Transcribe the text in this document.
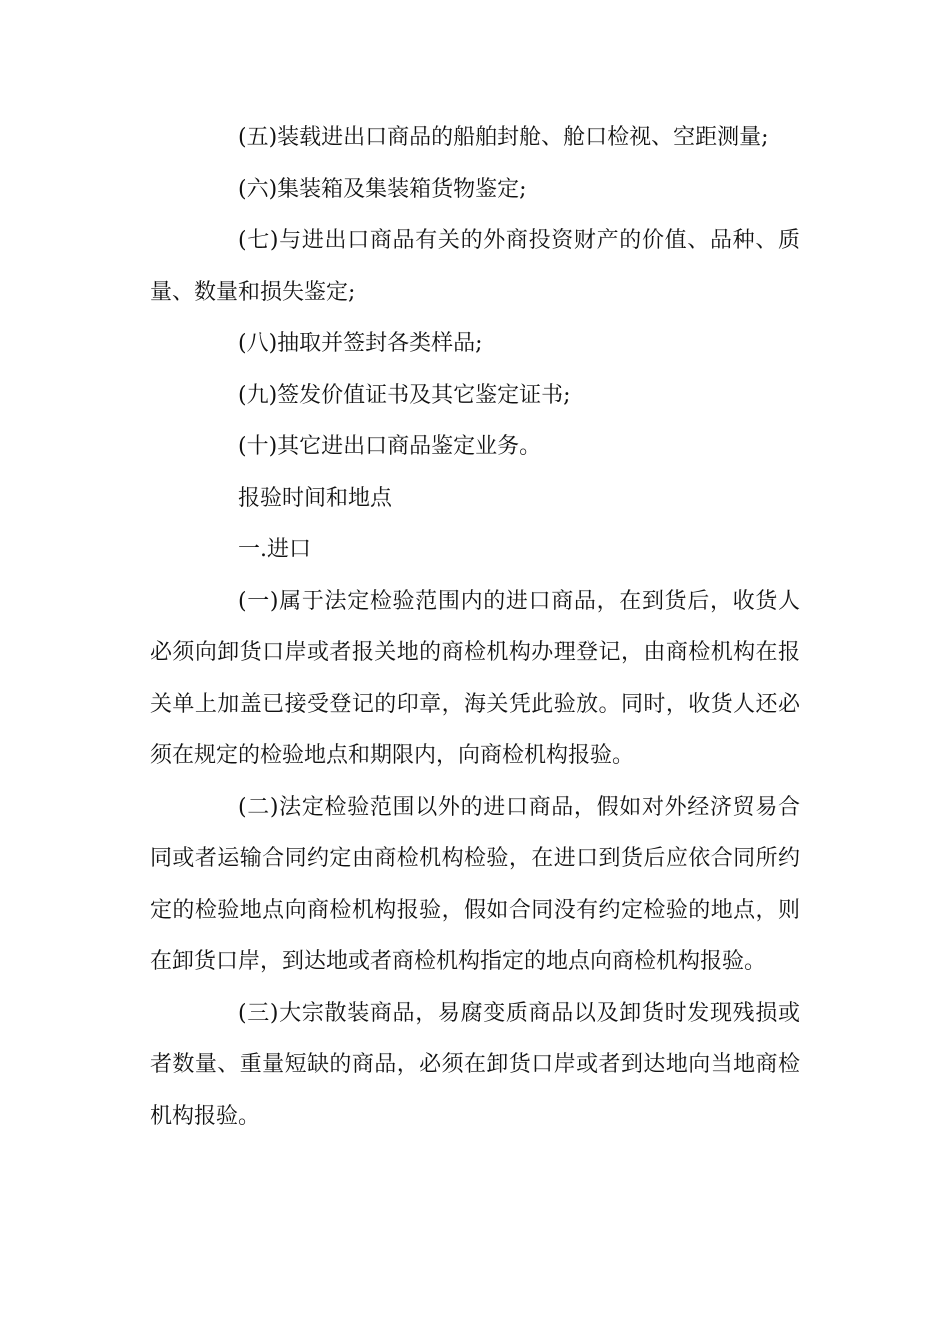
(五)装载进出口商品的船舶封舱、舱口检视、空距测量;

(六)集装箱及集装箱货物鉴定;

(七)与进出口商品有关的外商投资财产的价值、品种、质量、数量和损失鉴定;

(八)抽取并签封各类样品;

(九)签发价值证书及其它鉴定证书;

(十)其它进出口商品鉴定业务。

报验时间和地点

一.进口

(一)属于法定检验范围内的进口商品，在到货后，收货人必须向卸货口岸或者报关地的商检机构办理登记，由商检机构在报关单上加盖已接受登记的印章，海关凭此验放。同时，收货人还必须在规定的检验地点和期限内，向商检机构报验。

(二)法定检验范围以外的进口商品，假如对外经济贸易合同或者运输合同约定由商检机构检验，在进口到货后应依合同所约定的检验地点向商检机构报验，假如合同没有约定检验的地点，则在卸货口岸，到达地或者商检机构指定的地点向商检机构报验。

(三)大宗散装商品，易腐变质商品以及卸货时发现残损或者数量、重量短缺的商品，必须在卸货口岸或者到达地向当地商检机构报验。
